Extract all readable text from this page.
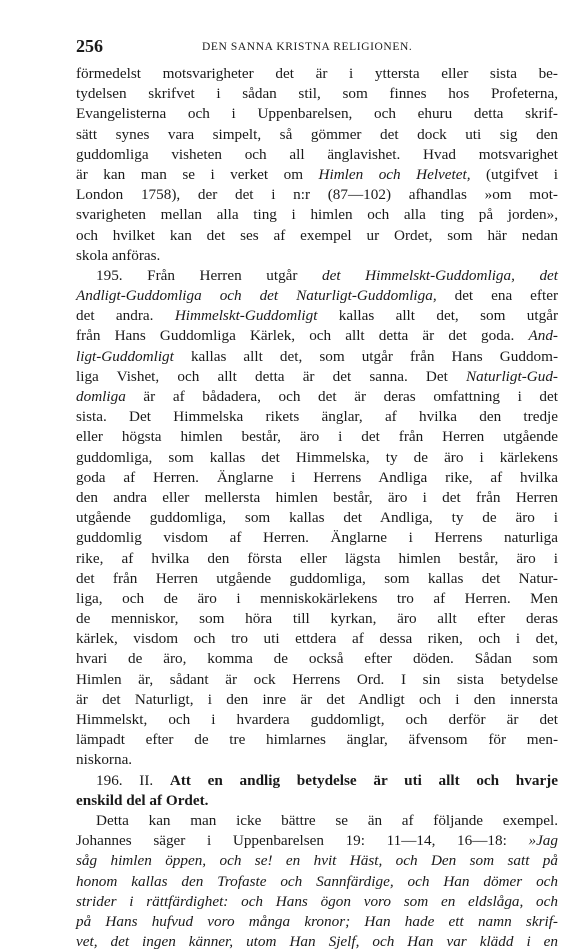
256	DEN SANNA KRISTNA RELIGIONEN.
förmedelst motsvarigheter det är i yttersta eller sista be-
tydelsen skrifvet i sådan stil, som finnes hos Profeterna,
Evangelisterna och i Uppenbarelsen, och ehuru detta skrif-
sätt synes vara simpelt, så gömmer det dock uti sig den
guddomliga visheten och all änglavishet. Hvad motsvarighet
är kan man se i verket om Himlen och Helvetet, (utgifvet i
London 1758), der det i n:r (87—102) afhandlas »om mot-
svarigheten mellan alla ting i himlen och alla ting på jorden»,
och hvilket kan det ses af exempel ur Ordet, som här nedan
skola anföras.
195. Från Herren utgår det Himmelskt-Guddomliga, det
Andligt-Guddomliga och det Naturligt-Guddomliga, det ena efter
det andra. Himmelskt-Guddomligt kallas allt det, som utgår
från Hans Guddomliga Kärlek, och allt detta är det goda. And-
ligt-Guddomligt kallas allt det, som utgår från Hans Guddom-
liga Vishet, och allt detta är det sanna. Det Naturligt-Gud-
domliga är af bådadera, och det är deras omfattning i det
sista. Det Himmelska rikets änglar, af hvilka den tredje
eller högsta himlen består, äro i det från Herren utgående
guddomliga, som kallas det Himmelska, ty de äro i kärlekens
goda af Herren. Änglarne i Herrens Andliga rike, af hvilka
den andra eller mellersta himlen består, äro i det från Herren
utgående guddomliga, som kallas det Andliga, ty de äro i
guddomlig visdom af Herren. Änglarne i Herrens naturliga
rike, af hvilka den första eller lägsta himlen består, äro i
det från Herren utgående guddomliga, som kallas det Natur-
liga, och de äro i menniskokärlekens tro af Herren. Men
de menniskor, som höra till kyrkan, äro allt efter deras
kärlek, visdom och tro uti ettdera af dessa riken, och i det,
hvari de äro, komma de också efter döden. Sådan som
Himlen är, sådant är ock Herrens Ord. I sin sista betydelse
är det Naturligt, i den inre är det Andligt och i den innersta
Himmelskt, och i hvardera guddomligt, och derför är det
lämpadt efter de tre himlarnes änglar, äfvensom för men-
niskorna.
196. II. Att en andlig betydelse är uti allt och hvarje
enskild del af Ordet.
Detta kan man icke bättre se än af följande exempel.
Johannes säger i Uppenbarelsen 19: 11—14, 16—18: »Jag
såg himlen öppen, och se! en hvit Häst, och Den som satt på
honom kallas den Trofaste och Sannfärdige, och Han dömer och
strider i rättfärdighet: och Hans ögon voro som en eldslåga, och
på Hans hufvud voro många kronor; Han hade ett namn skrif-
vet, det ingen känner, utom Han Sjelf, och Han var klädd i en
